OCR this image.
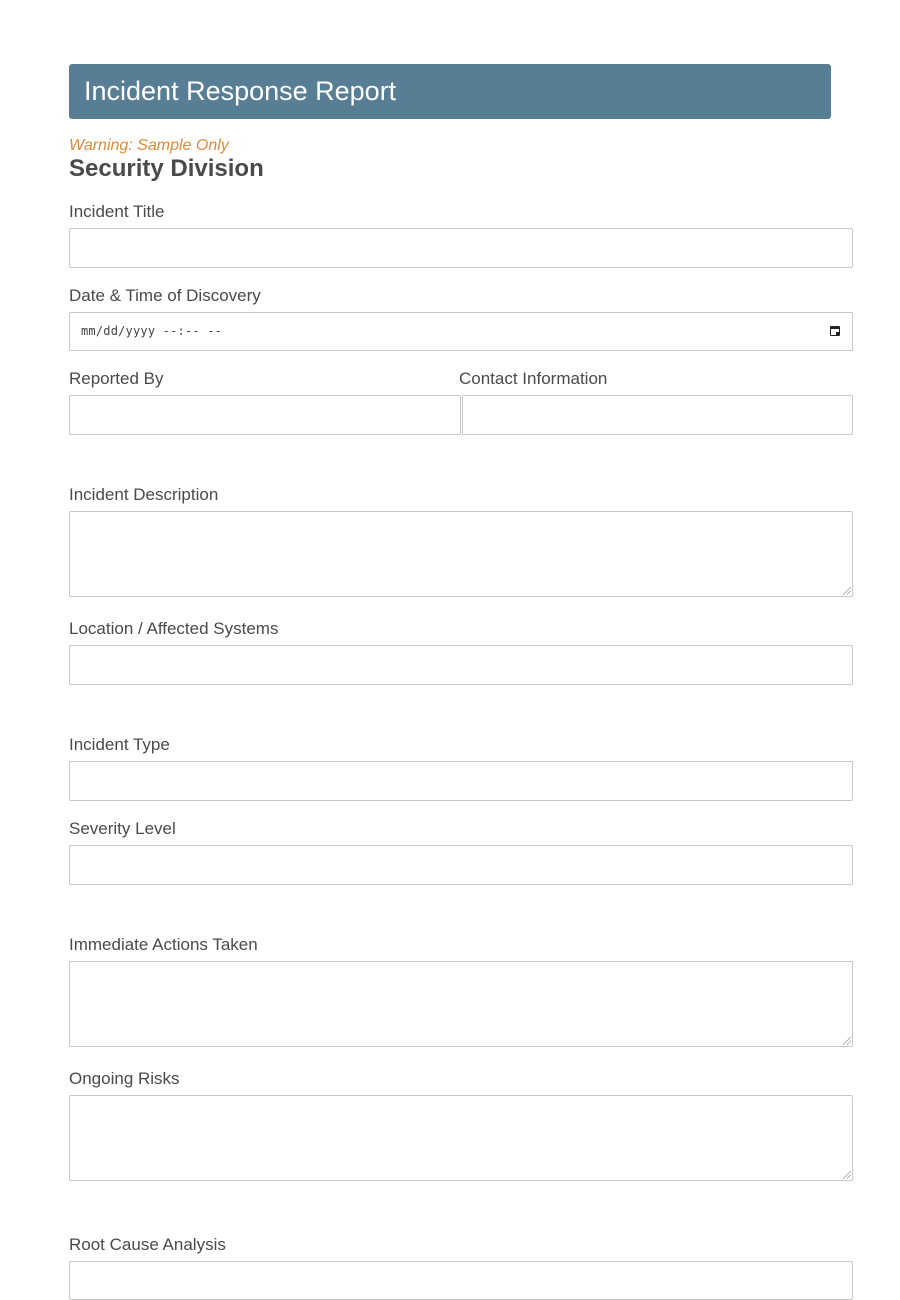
Incident Response Report
Warning: Sample Only
Security Division
Incident Title
Date & Time of Discovery
mm/dd/yyyy --:-- --
Reported By	Contact Information
Incident Description
Location / Affected Systems
Incident Type
Severity Level
Immediate Actions Taken
Ongoing Risks
Root Cause Analysis
